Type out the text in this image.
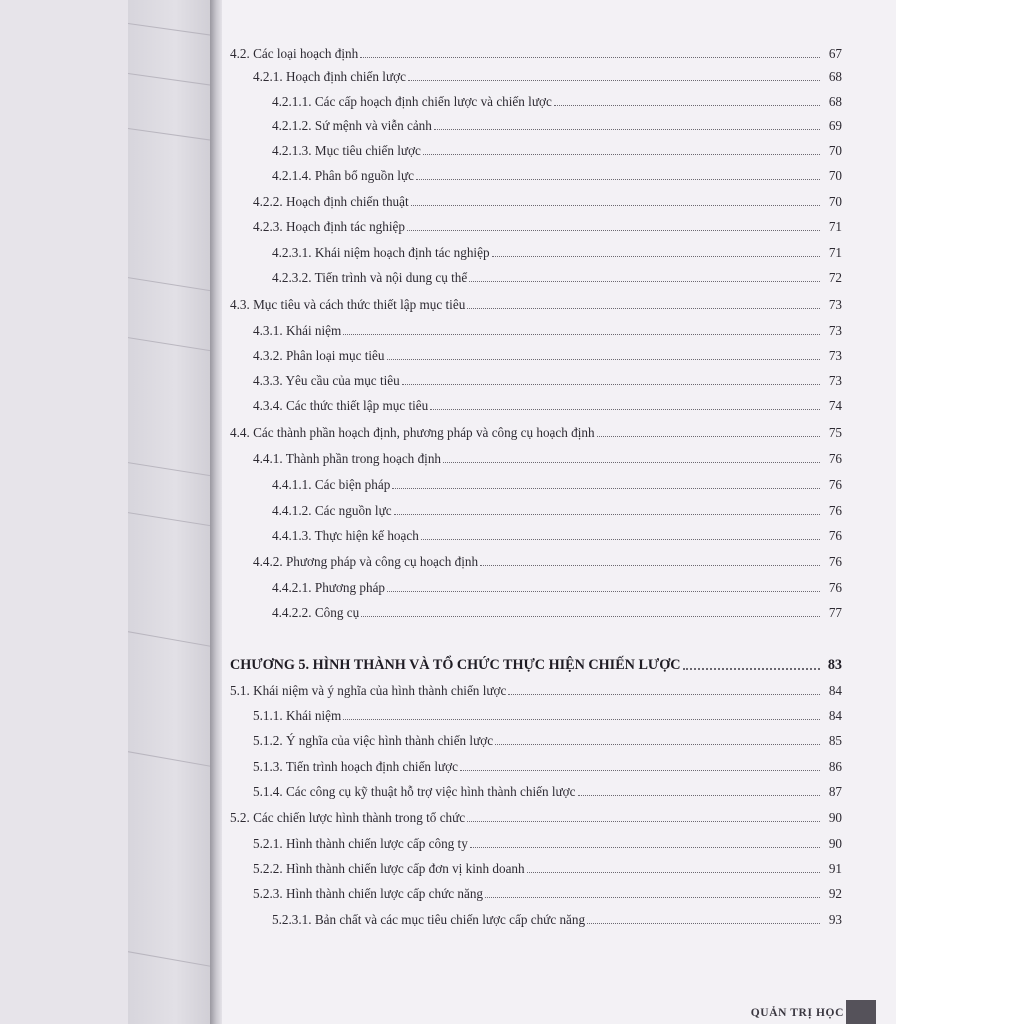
4.2. Các loại hoạch định	67
4.2.1. Hoạch định chiến lược	68
4.2.1.1. Các cấp hoạch định chiến lược và chiến lược	68
4.2.1.2. Sứ mệnh và viễn cảnh	69
4.2.1.3. Mục tiêu chiến lược	70
4.2.1.4. Phân bổ nguồn lực	70
4.2.2. Hoạch định chiến thuật	70
4.2.3. Hoạch định tác nghiệp	71
4.2.3.1. Khái niệm hoạch định tác nghiệp	71
4.2.3.2. Tiến trình và nội dung cụ thể	72
4.3. Mục tiêu và cách thức thiết lập mục tiêu	73
4.3.1. Khái niệm	73
4.3.2. Phân loại mục tiêu	73
4.3.3. Yêu cầu của mục tiêu	73
4.3.4. Các thức thiết lập mục tiêu	74
4.4. Các thành phần hoạch định, phương pháp và công cụ hoạch định	75
4.4.1. Thành phần trong hoạch định	76
4.4.1.1. Các biện pháp	76
4.4.1.2. Các nguồn lực	76
4.4.1.3. Thực hiện kế hoạch	76
4.4.2. Phương pháp và công cụ hoạch định	76
4.4.2.1. Phương pháp	76
4.4.2.2. Công cụ	77
CHƯƠNG 5. HÌNH THÀNH VÀ TỔ CHỨC THỰC HIỆN CHIẾN LƯỢC	83
5.1. Khái niệm và ý nghĩa của hình thành chiến lược	84
5.1.1. Khái niệm	84
5.1.2. Ý nghĩa của việc hình thành chiến lược	85
5.1.3. Tiến trình hoạch định chiến lược	86
5.1.4. Các công cụ kỹ thuật hỗ trợ việc hình thành chiến lược	87
5.2. Các chiến lược hình thành trong tổ chức	90
5.2.1. Hình thành chiến lược cấp công ty	90
5.2.2. Hình thành chiến lược cấp đơn vị kinh doanh	91
5.2.3. Hình thành chiến lược cấp chức năng	92
5.2.3.1. Bản chất và các mục tiêu chiến lược cấp chức năng	93
QUẢN TRỊ HỌC
